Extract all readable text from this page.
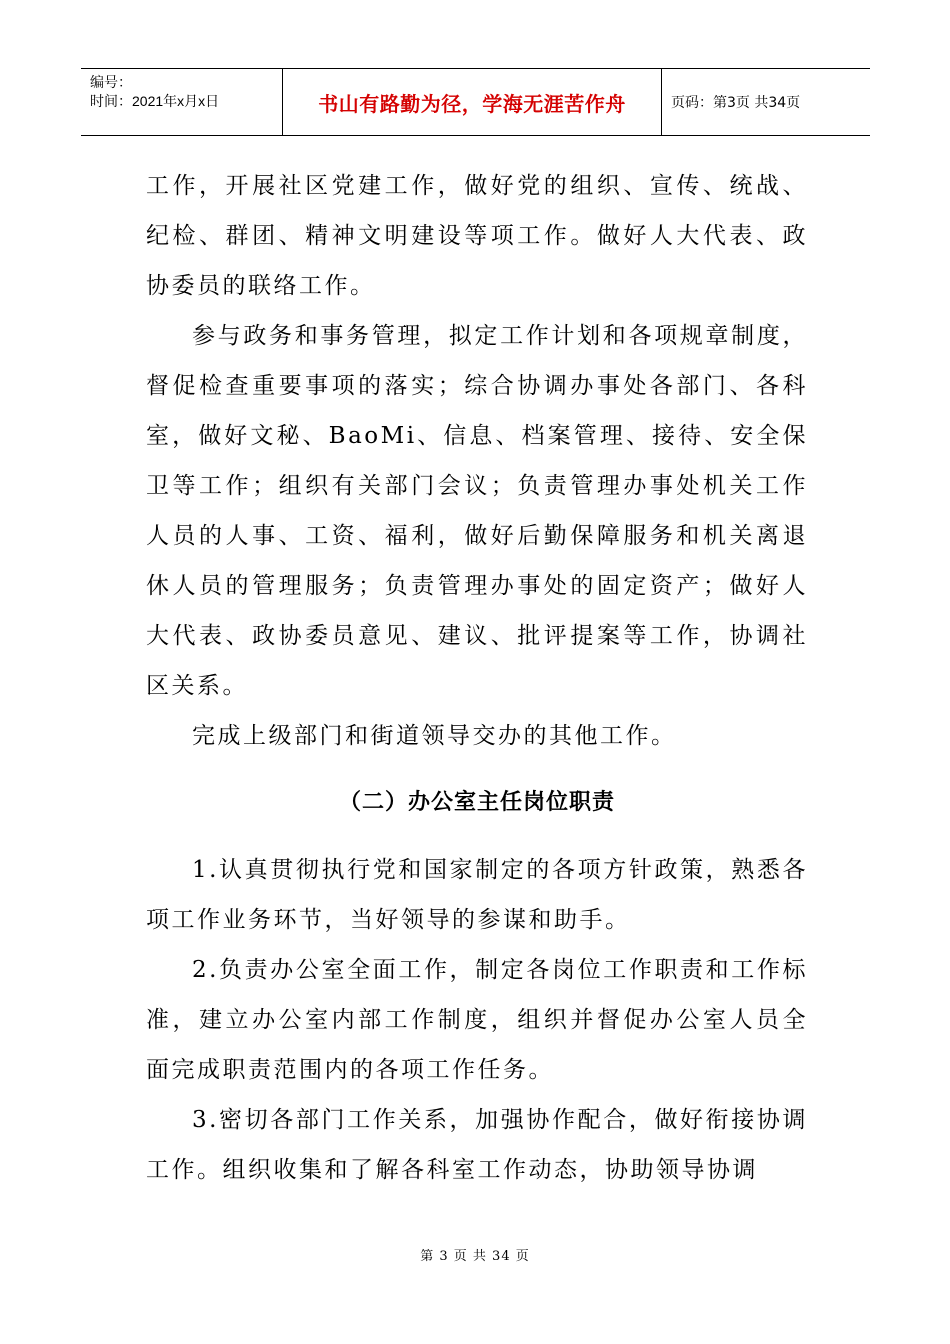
编号：
时间：2021年x月x日	书山有路勤为径，学海无涯苦作舟	页码：第3页 共34页

工作，开展社区党建工作，做好党的组织、宣传、统战、纪检、群团、精神文明建设等项工作。做好人大代表、政协委员的联络工作。

参与政务和事务管理，拟定工作计划和各项规章制度，督促检查重要事项的落实；综合协调办事处各部门、各科室，做好文秘、BaoMi、信息、档案管理、接待、安全保卫等工作；组织有关部门会议；负责管理办事处机关工作人员的人事、工资、福利，做好后勤保障服务和机关离退休人员的管理服务；负责管理办事处的固定资产；做好人大代表、政协委员意见、建议、批评提案等工作，协调社区关系。

完成上级部门和街道领导交办的其他工作。

（二）办公室主任岗位职责

1.认真贯彻执行党和国家制定的各项方针政策，熟悉各项工作业务环节，当好领导的参谋和助手。

2.负责办公室全面工作，制定各岗位工作职责和工作标准，建立办公室内部工作制度，组织并督促办公室人员全面完成职责范围内的各项工作任务。

3.密切各部门工作关系，加强协作配合，做好衔接协调工作。组织收集和了解各科室工作动态，协助领导协调

第 3 页 共 34 页
